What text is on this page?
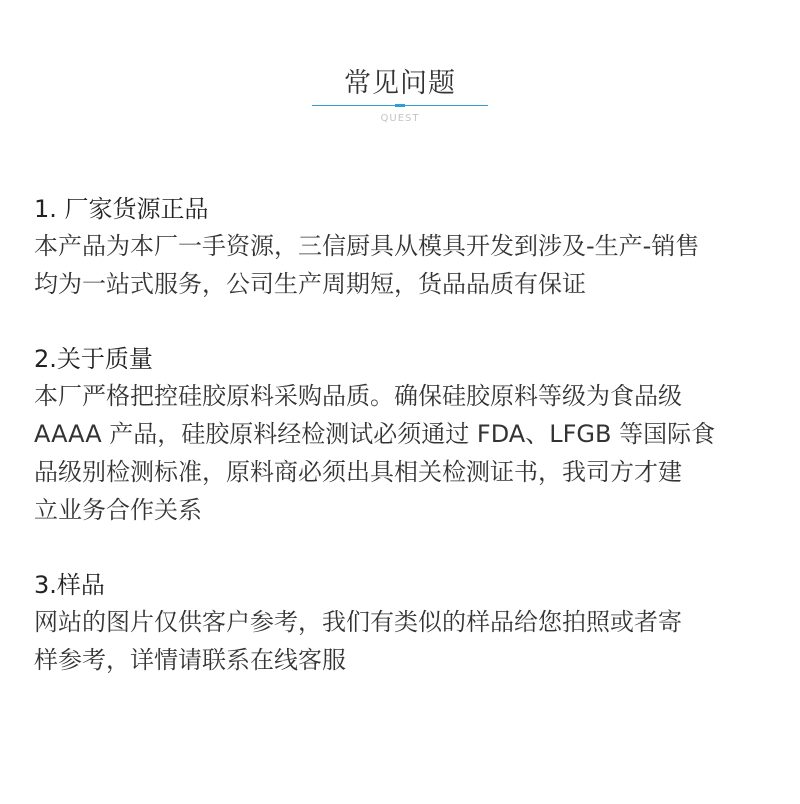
常见问题
QUEST
1. 厂家货源正品
本产品为本厂一手资源，三信厨具从模具开发到涉及-生产-销售
均为一站式服务，公司生产周期短，货品品质有保证
2.关于质量
本厂严格把控硅胶原料采购品质。确保硅胶原料等级为食品级
AAAA 产品，硅胶原料经检测试必须通过 FDA、LFGB 等国际食
品级别检测标准，原料商必须出具相关检测证书，我司方才建
立业务合作关系
3.样品
网站的图片仅供客户参考，我们有类似的样品给您拍照或者寄
样参考，详情请联系在线客服
